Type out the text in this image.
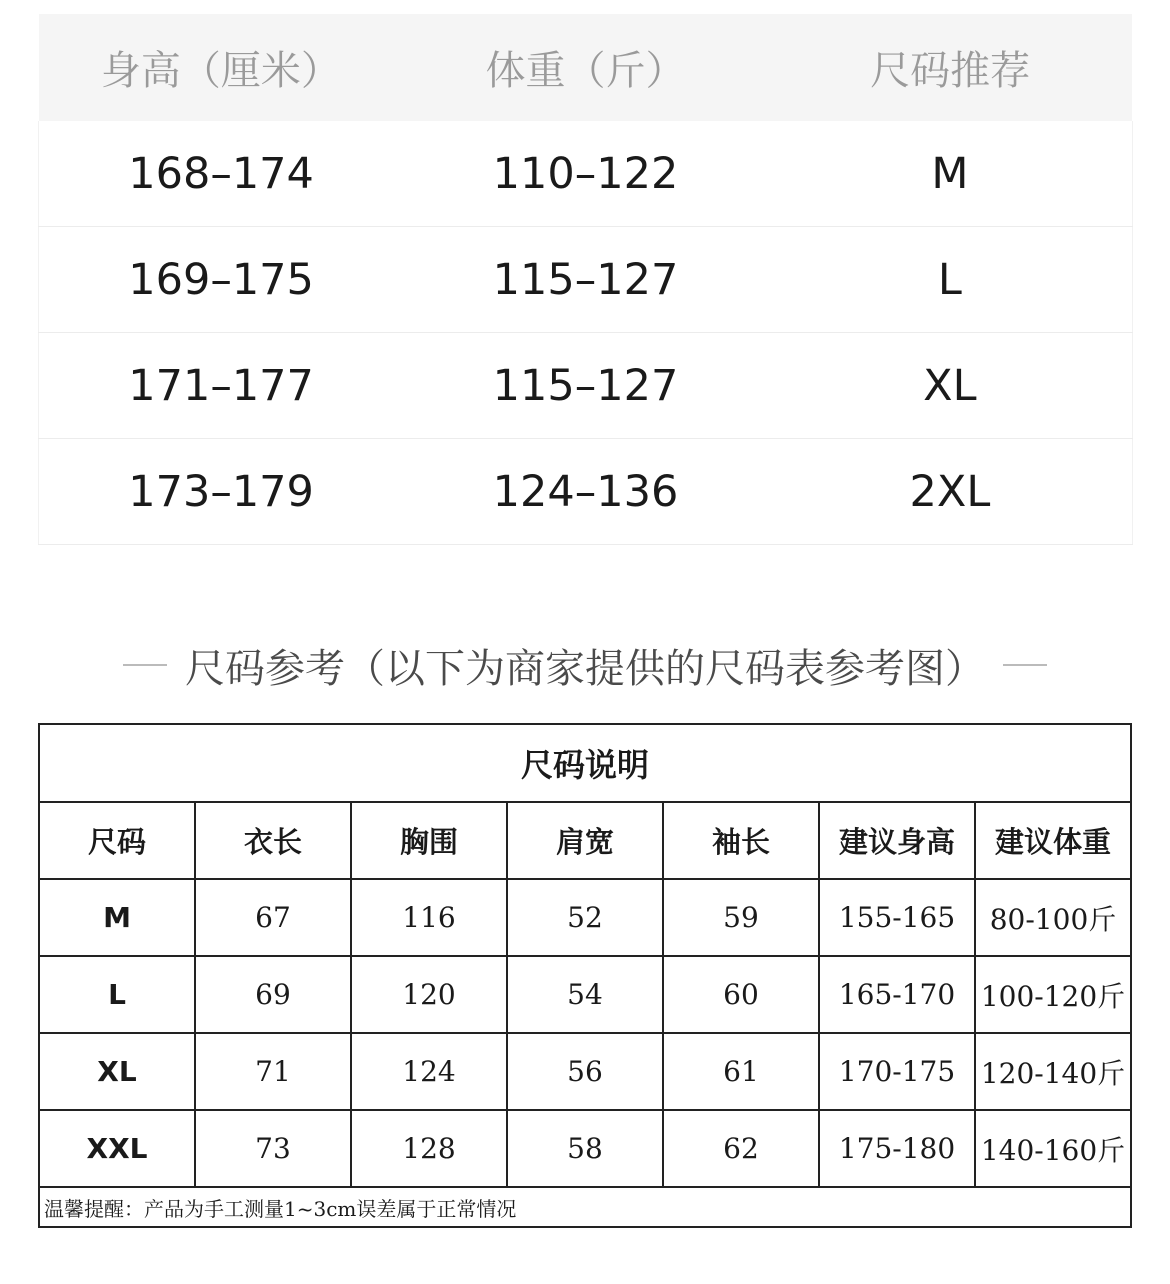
身高（厘米）	体重（斤）	尺码推荐
168–174	110–122	M
169–175	115–127	L
171–177	115–127	XL
173–179	124–136	2XL
尺码参考（以下为商家提供的尺码表参考图）
尺码说明						
尺码	衣长	胸围	肩宽	袖长	建议身高	建议体重
M	67	116	52	59	155-165	80-100斤
L	69	120	54	60	165-170	100-120斤
XL	71	124	56	61	170-175	120-140斤
XXL	73	128	58	62	175-180	140-160斤
温馨提醒：产品为手工测量1~3cm误差属于正常情况						
